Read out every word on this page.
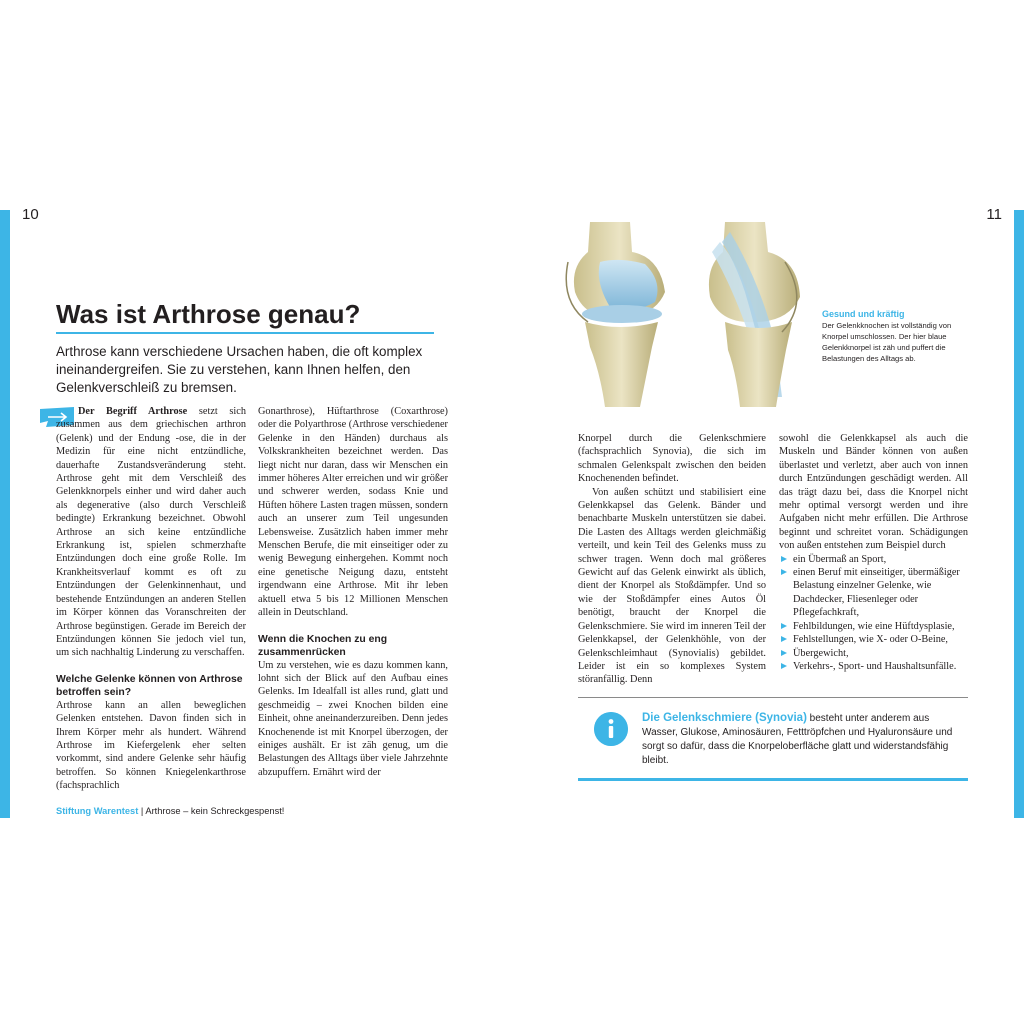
10	11
Was ist Arthrose genau?
Arthrose kann verschiedene Ursachen haben, die oft komplex ineinandergreifen. Sie zu verstehen, kann Ihnen helfen, den Gelenkverschleiß zu bremsen.

Der Begriff Arthrose setzt sich zusammen aus dem griechischen arthron (Gelenk) und der Endung -ose, die in der Medizin für eine nicht entzündliche, dauerhafte Zustandsveränderung steht. Arthrose geht mit dem Verschleiß des Gelenkknorpels einher und wird daher auch als degenerative (also durch Verschleiß bedingte) Erkrankung bezeichnet. Obwohl Arthrose an sich keine entzündliche Erkrankung ist, spielen schmerzhafte Entzündungen doch eine große Rolle. Im Krankheitsverlauf kommt es oft zu Entzündungen der Gelenkinnenhaut, und bestehende Entzündungen an anderen Stellen im Körper können das Voranschreiten der Arthrose begünstigen. Gerade im Bereich der Entzündungen können Sie jedoch viel tun, um sich nachhaltig Linderung zu verschaffen.

Welche Gelenke können von Arthrose betroffen sein?

Arthrose kann an allen beweglichen Gelenken entstehen. Davon finden sich in Ihrem Körper mehr als hundert. Während Arthrose im Kiefergelenk eher selten vorkommt, sind andere Gelenke sehr häufig betroffen. So können Kniegelenkarthrose (fachsprachlich

Gonarthrose), Hüftarthrose (Coxarthrose) oder die Polyarthrose (Arthrose verschiedener Gelenke in den Händen) durchaus als Volkskrankheiten bezeichnet werden. Das liegt nicht nur daran, dass wir Menschen ein immer höheres Alter erreichen und wir größer und schwerer werden, sodass Knie und Hüften höhere Lasten tragen müssen, sondern auch an unserer zum Teil ungesunden Lebensweise. Zusätzlich haben immer mehr Menschen Berufe, die mit einseitiger oder zu wenig Bewegung einhergehen. Kommt noch eine genetische Neigung dazu, entsteht irgendwann eine Arthrose. Mit ihr leben aktuell etwa 5 bis 12 Millionen Menschen allein in Deutschland.

Wenn die Knochen zu eng zusammenrücken

Um zu verstehen, wie es dazu kommen kann, lohnt sich der Blick auf den Aufbau eines Gelenks. Im Idealfall ist alles rund, glatt und geschmeidig – zwei Knochen bilden eine Einheit, ohne aneinanderzureiben. Denn jedes Knochenende ist mit Knorpel überzogen, der einiges aushält. Er ist zäh genug, um die Belastungen des Alltags über viele Jahrzehnte abzupuffern. Ernährt wird der

Gesund und kräftig
Der Gelenkknochen ist vollständig von Knorpel umschlossen. Der hier blaue Gelenkknorpel ist zäh und puffert die Belastungen des Alltags ab.

Knorpel durch die Gelenkschmiere (fachsprachlich Synovia), die sich im schmalen Gelenkspalt zwischen den beiden Knochenenden befindet.

Von außen schützt und stabilisiert eine Gelenkkapsel das Gelenk. Bänder und benachbarte Muskeln unterstützen sie dabei. Die Lasten des Alltags werden gleichmäßig verteilt, und kein Teil des Gelenks muss zu schwer tragen. Wenn doch mal größeres Gewicht auf das Gelenk einwirkt als üblich, dient der Knorpel als Stoßdämpfer. Und so wie der Stoßdämpfer eines Autos Öl benötigt, braucht der Knorpel die Gelenkschmiere. Sie wird im inneren Teil der Gelenkkapsel, der Gelenkhöhle, von der Gelenkschleimhaut (Synovialis) gebildet. Leider ist ein so komplexes System störanfällig. Denn

sowohl die Gelenkkapsel als auch die Muskeln und Bänder können von außen überlastet und verletzt, aber auch von innen durch Entzündungen geschädigt werden. All das trägt dazu bei, dass die Knorpel nicht mehr optimal versorgt werden und ihre Aufgaben nicht mehr erfüllen. Die Arthrose beginnt und schreitet voran. Schädigungen von außen entstehen zum Beispiel durch

ein Übermaß an Sport,
einen Beruf mit einseitiger, übermäßiger Belastung einzelner Gelenke, wie Dachdecker, Fliesenleger oder Pflegefachkraft,
Fehlbildungen, wie eine Hüftdysplasie,
Fehlstellungen, wie X- oder O-Beine,
Übergewicht,
Verkehrs-, Sport- und Haushaltsunfälle.
Die Gelenkschmiere (Synovia) besteht unter anderem aus Wasser, Glukose, Aminosäuren, Fetttröpfchen und Hyaluronsäure und sorgt so dafür, dass die Knorpeloberfläche glatt und widerstandsfähig bleibt.
Stiftung Warentest | Arthrose – kein Schreckgespenst!
